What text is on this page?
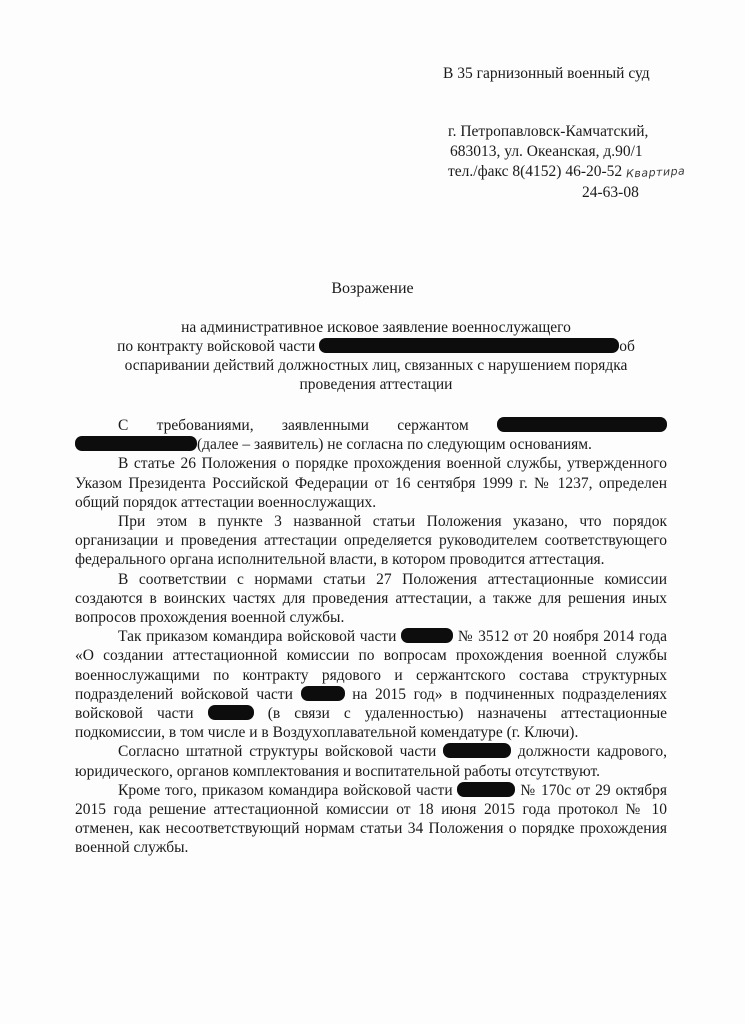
В 35 гарнизонный военный суд
г. Петропавловск-Камчатский,
683013, ул. Океанская, д.90/1
тел./факс 8(4152) 46-20-52 Квартира
24-63-08
Возражение
на административное исковое заявление военнослужащего
по контракту войсковой части	об
оспаривании действий должностных лиц, связанных с нарушением порядка
проведения аттестации

С требованиями, заявленными сержантом  (далее – заявитель) не согласна по следующим основаниям.

В статье 26 Положения о порядке прохождения военной службы, утвержденного Указом Президента Российской Федерации от 16 сентября 1999 г. № 1237, определен общий порядок аттестации военнослужащих.

При этом в пункте 3 названной статьи Положения указано, что порядок организации и проведения аттестации определяется руководителем соответствующего федерального органа исполнительной власти, в котором проводится аттестация.

В соответствии с нормами статьи 27 Положения аттестационные комиссии создаются в воинских частях для проведения аттестации, а также для решения иных вопросов прохождения военной службы.

Так приказом командира войсковой части	№ 3512 от 20 ноября 2014 года «О создании аттестационной комиссии по вопросам прохождения военной службы военнослужащими по контракту рядового и сержантского состава структурных подразделений войсковой части	на 2015 год» в подчиненных подразделениях войсковой части	(в связи с удаленностью) назначены аттестационные подкомиссии, в том числе и в Воздухоплавательной комендатуре (г. Ключи).

Согласно штатной структуры войсковой части	должности кадрового, юридического, органов комплектования и воспитательной работы отсутствуют.

Кроме того, приказом командира войсковой части	№ 170с от 29 октября 2015 года решение аттестационной комиссии от 18 июня 2015 года протокол № 10 отменен, как несоответствующий нормам статьи 34 Положения о порядке прохождения военной службы.
